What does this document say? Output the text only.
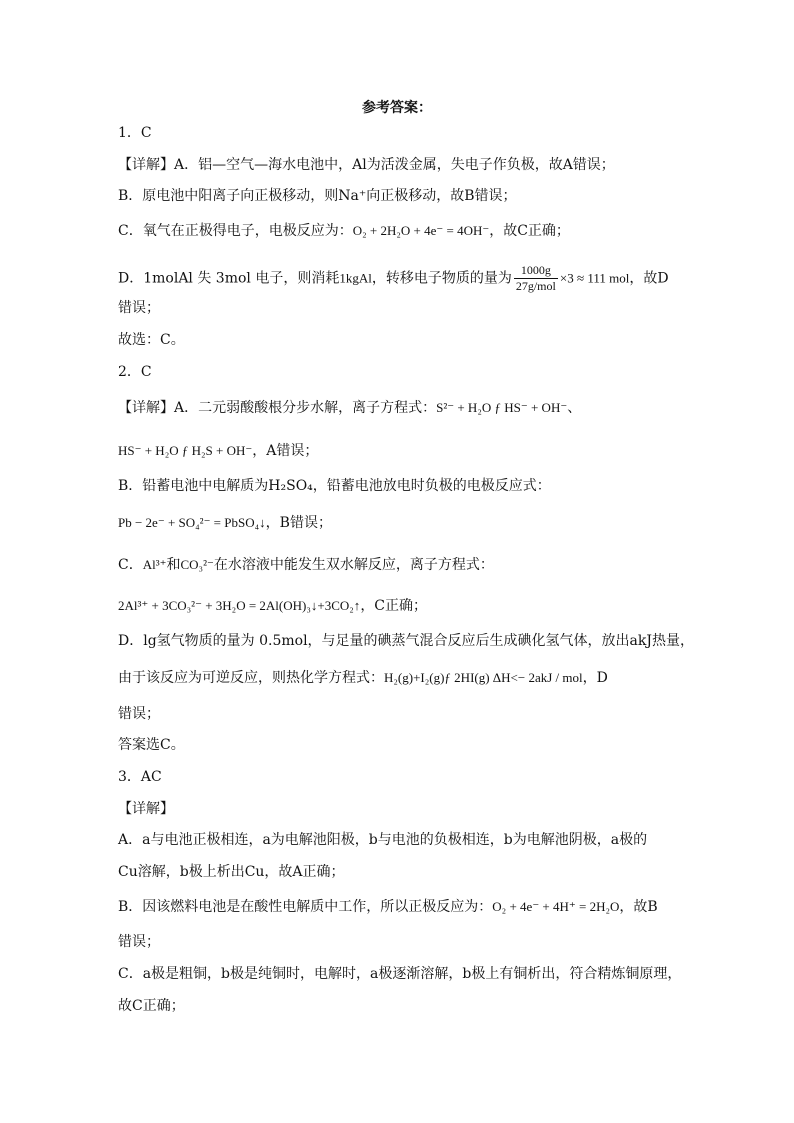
参考答案：
1．C
【详解】A．铝—空气—海水电池中，Al为活泼金属，失电子作负极，故A错误；
B．原电池中阳离子向正极移动，则Na⁺向正极移动，故B错误；
C．氧气在正极得电子，电极反应为：O₂ + 2H₂O + 4e⁻ = 4OH⁻，故C正确；
D．1molAl 失 3mol 电子，则消耗1kgAl，转移电子物质的量为 $\frac{1000g}{\text{27g/mol}} \times 3 \approx 111$ mol，故D
错误；
故选：C。
2．C
【详解】A．二元弱酸酸根分步水解，离子方程式：S²⁻ + H₂O ƒ HS⁻ + OH⁻、
HS⁻ + H₂O ƒ H₂S + OH⁻，A错误；
B．铅蓄电池中电解质为H₂SO₄，铅蓄电池放电时负极的电极反应式：
Pb − 2e⁻ + SO₄²⁻ = PbSO₄↓，B错误；
C．Al³⁺和CO₃²⁻在水溶液中能发生双水解反应，离子方程式：
2Al³⁺ + 3CO₃²⁻ + 3H₂O = 2Al(OH)₃↓+3CO₂↑，C正确；
D．lg氢气物质的量为 0.5mol，与足量的碘蒸气混合反应后生成碘化氢气体，放出akJ热量，
由于该反应为可逆反应，则热化学方程式：H₂(g)+I₂(g)ƒ 2HI(g) ΔH<− 2akJ / mol，D
错误；
答案选C。
3．AC
【详解】
A．a与电池正极相连，a为电解池阳极，b与电池的负极相连，b为电解池阴极，a极的
Cu溶解，b极上析出Cu，故A正确；
B．因该燃料电池是在酸性电解质中工作，所以正极反应为：O₂ + 4e⁻ + 4H⁺ = 2H₂O，故B
错误；
C．a极是粗铜，b极是纯铜时，电解时，a极逐渐溶解，b极上有铜析出，符合精炼铜原理，
故C正确；
